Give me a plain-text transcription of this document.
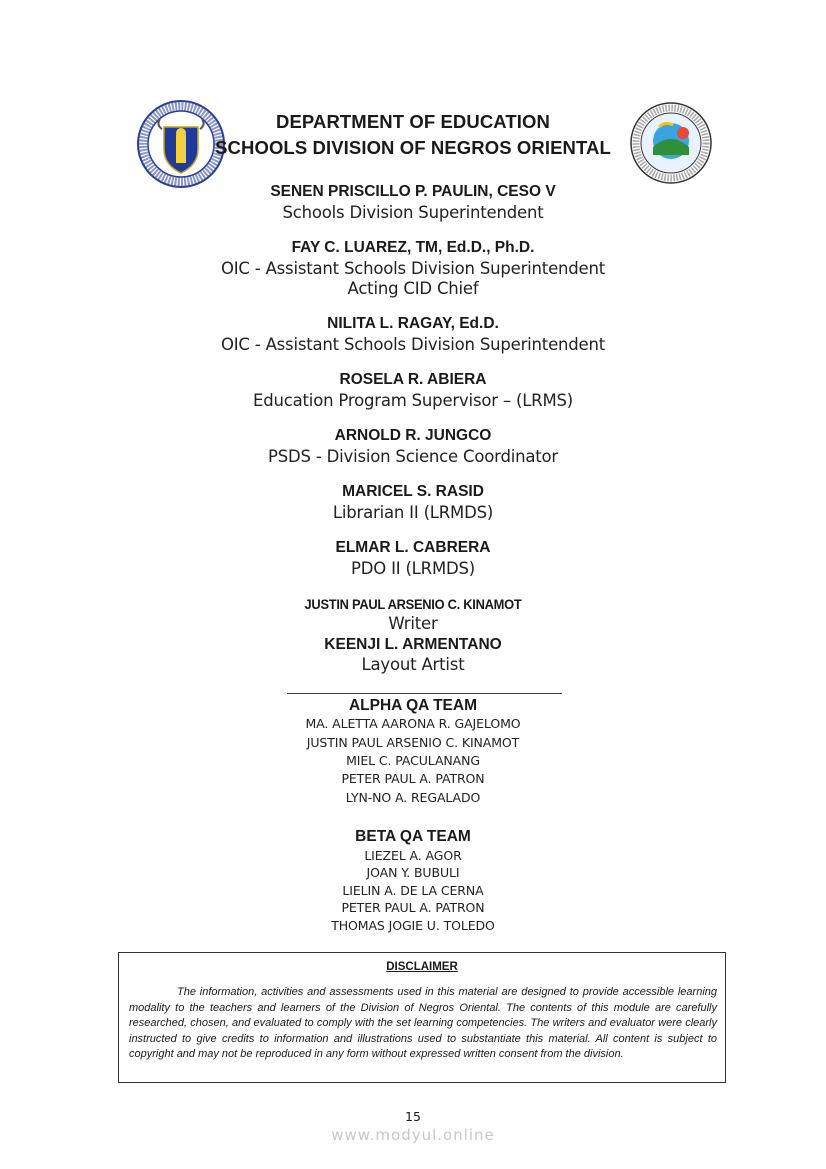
DEPARTMENT OF EDUCATION
SCHOOLS DIVISION OF NEGROS ORIENTAL
SENEN PRISCILLO P. PAULIN, CESO V
Schools Division Superintendent
FAY C. LUAREZ, TM, Ed.D., Ph.D.
OIC - Assistant Schools Division Superintendent
Acting CID Chief
NILITA L. RAGAY, Ed.D.
OIC - Assistant Schools Division Superintendent
ROSELA R. ABIERA
Education Program Supervisor – (LRMS)
ARNOLD R. JUNGCO
PSDS - Division Science Coordinator
MARICEL S. RASID
Librarian II (LRMDS)
ELMAR L. CABRERA
PDO II (LRMDS)
JUSTIN PAUL ARSENIO C. KINAMOT
Writer
KEENJI L. ARMENTANO
Layout Artist
ALPHA QA TEAM
MA. ALETTA AARONA R. GAJELOMO
JUSTIN PAUL ARSENIO C. KINAMOT
MIEL C. PACULANANG
PETER PAUL A. PATRON
LYN-NO A. REGALADO
BETA QA TEAM
LIEZEL A. AGOR
JOAN Y. BUBULI
LIELIN A. DE LA CERNA
PETER PAUL A. PATRON
THOMAS JOGIE U. TOLEDO
DISCLAIMER
The information, activities and assessments used in this material are designed to provide accessible learning modality to the teachers and learners of the Division of Negros Oriental. The contents of this module are carefully researched, chosen, and evaluated to comply with the set learning competencies. The writers and evaluator were clearly instructed to give credits to information and illustrations used to substantiate this material. All content is subject to copyright and may not be reproduced in any form without expressed written consent from the division.
15
www.modyul.online
